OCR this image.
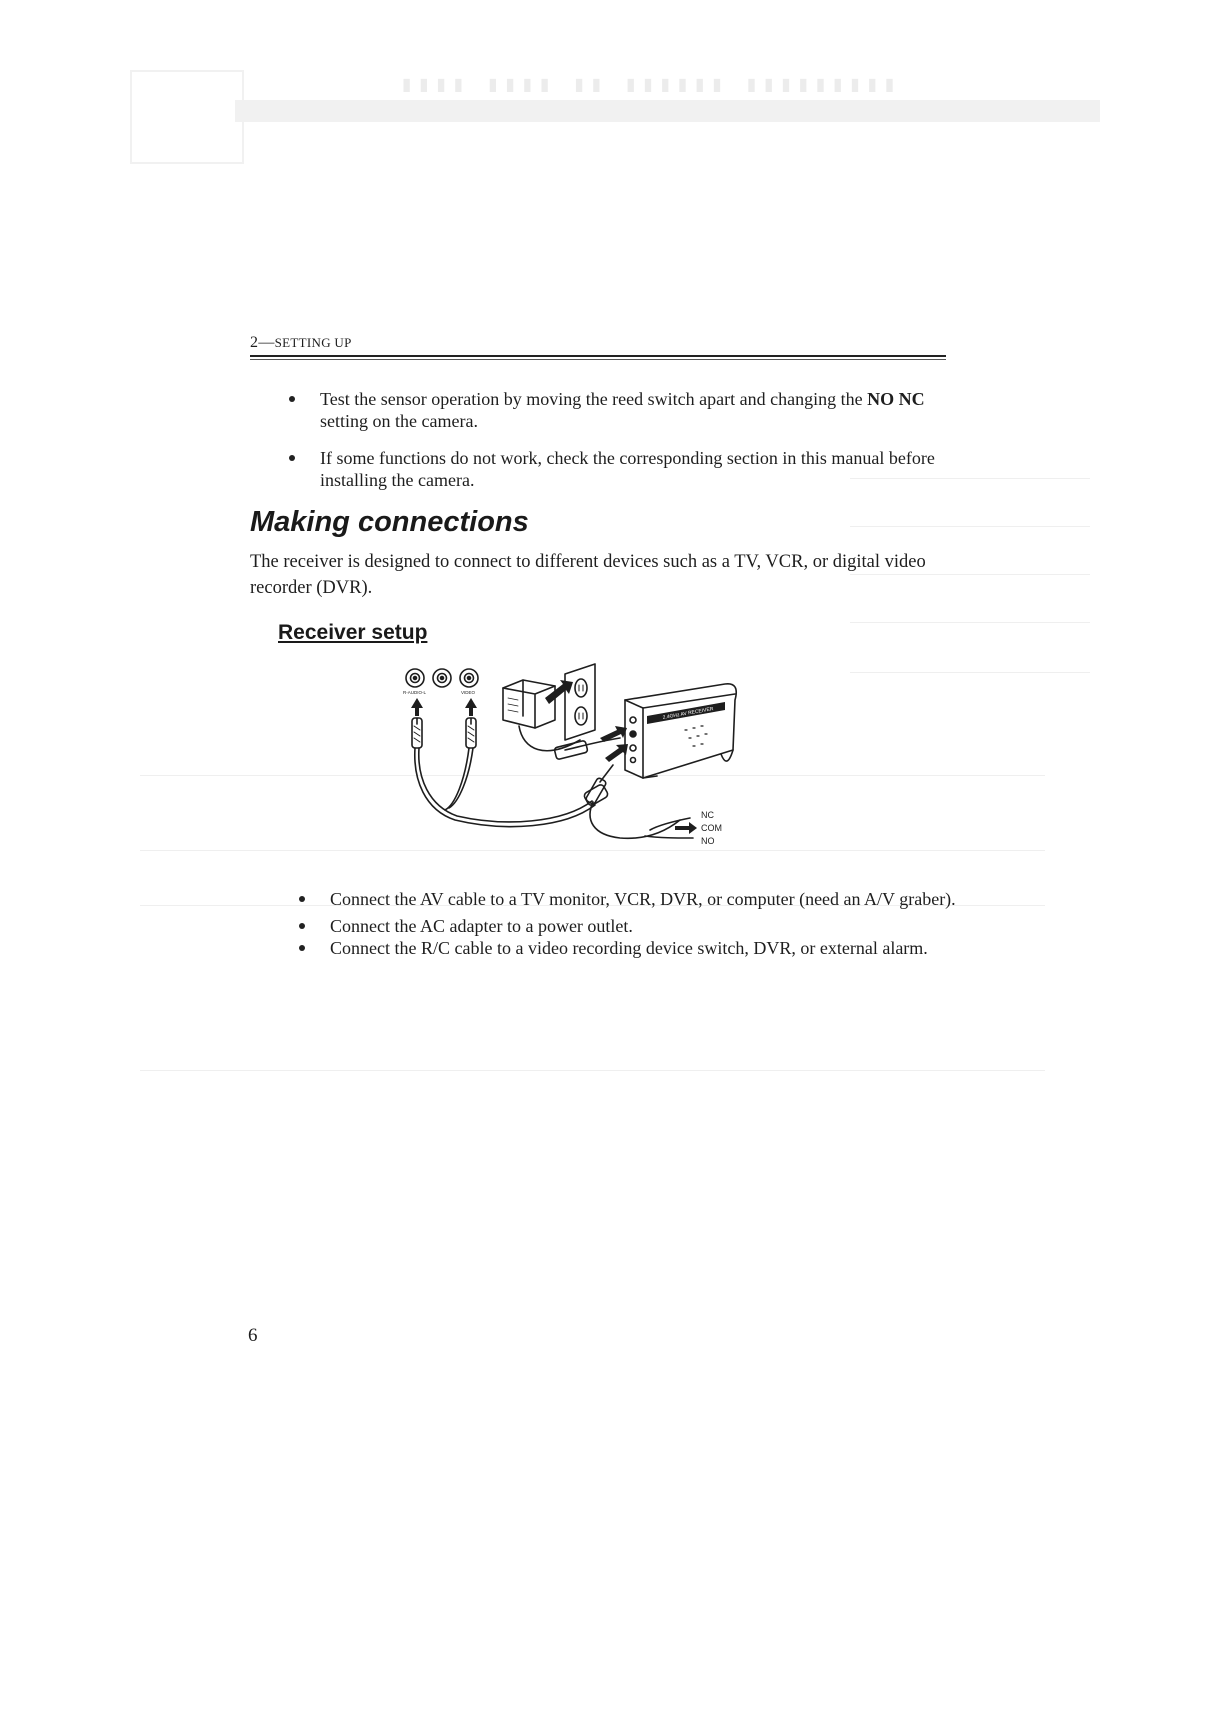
▮▮▮▮ ▮▮▮▮ ▮▮ ▮▮▮▮▮▮ ▮▮▮▮▮▮▮▮▮
2—SETTING UP
Test the sensor operation by moving the reed switch apart and changing the NO NC setting on the camera.
If some functions do not work, check the corresponding section in this manual before installing the camera.
Making connections
The receiver is designed to connect to different devices such as a TV, VCR, or digital video recorder (DVR).
Receiver setup
R-AUDIO-L	VIDEO
2.4GHz AV RECEIVER
NC
COM
NO
Connect the AV cable to a TV monitor, VCR, DVR, or computer (need an A/V graber).
Connect the AC adapter to a power outlet.
Connect the R/C cable to a video recording device switch, DVR, or external alarm.
6
